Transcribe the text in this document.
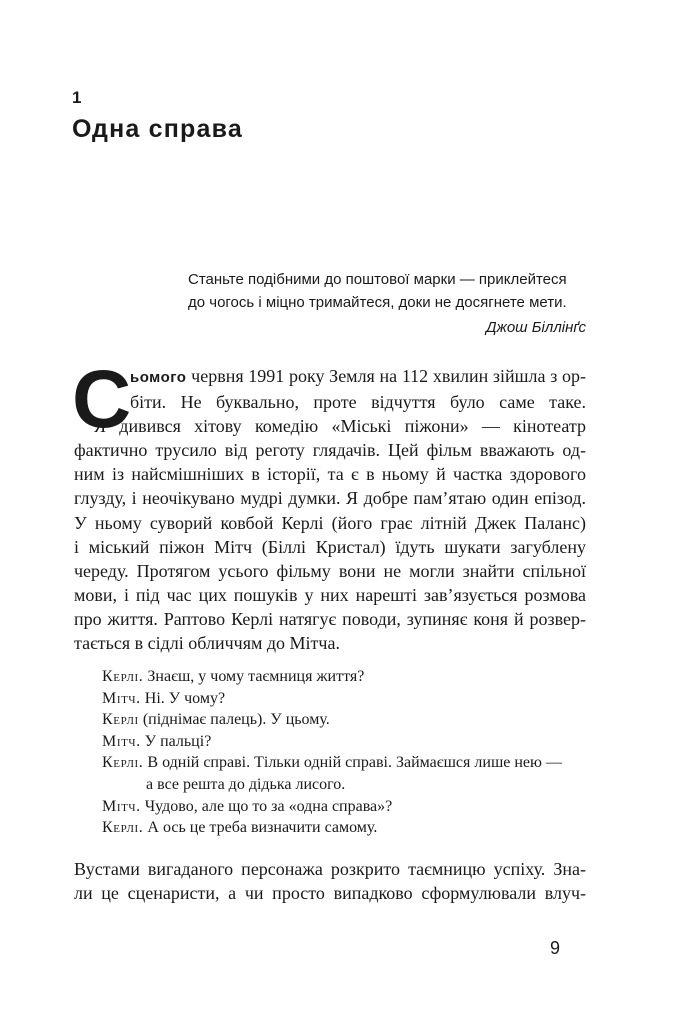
1
Одна справа
Станьте подібними до поштової марки — приклейтеся
до чогось і міцно тримайтеся, доки не досягнете мети.
Джош Біллінґс
С
ьомого червня 1991 року Земля на 112 хвилин зійшла з ор-
біти. Не буквально, проте відчуття було саме таке.
Я дивився хітову комедію «Міські піжони» — кінотеатр
фактично трусило від реготу глядачів. Цей фільм вважають од-
ним із найсмішніших в історії, та є в ньому й частка здорового
глузду, і неочікувано мудрі думки. Я добре пам’ятаю один епізод.
У ньому суворий ковбой Керлі (його грає літній Джек Паланс)
і міський піжон Мітч (Біллі Кристал) їдуть шукати загублену
череду. Протягом усього фільму вони не могли знайти спільної
мови, і під час цих пошуків у них нарешті зав’язується розмова
про життя. Раптово Керлі натягує поводи, зупиняє коня й розвер-
тається в сідлі обличчям до Мітча.
Керлі. Знаєш, у чому таємниця життя?
Мітч. Ні. У чому?
Керлі (піднімає палець). У цьому.
Мітч. У пальці?
Керлі. В одній справі. Тільки одній справі. Займаєшся лише нею —
а все решта до дідька лисого.
Мітч. Чудово, але що то за «одна справа»?
Керлі. А ось це треба визначити самому.
Вустами вигаданого персонажа розкрито таємницю успіху. Зна-
ли це сценаристи, а чи просто випадково сформулювали влуч-
9
